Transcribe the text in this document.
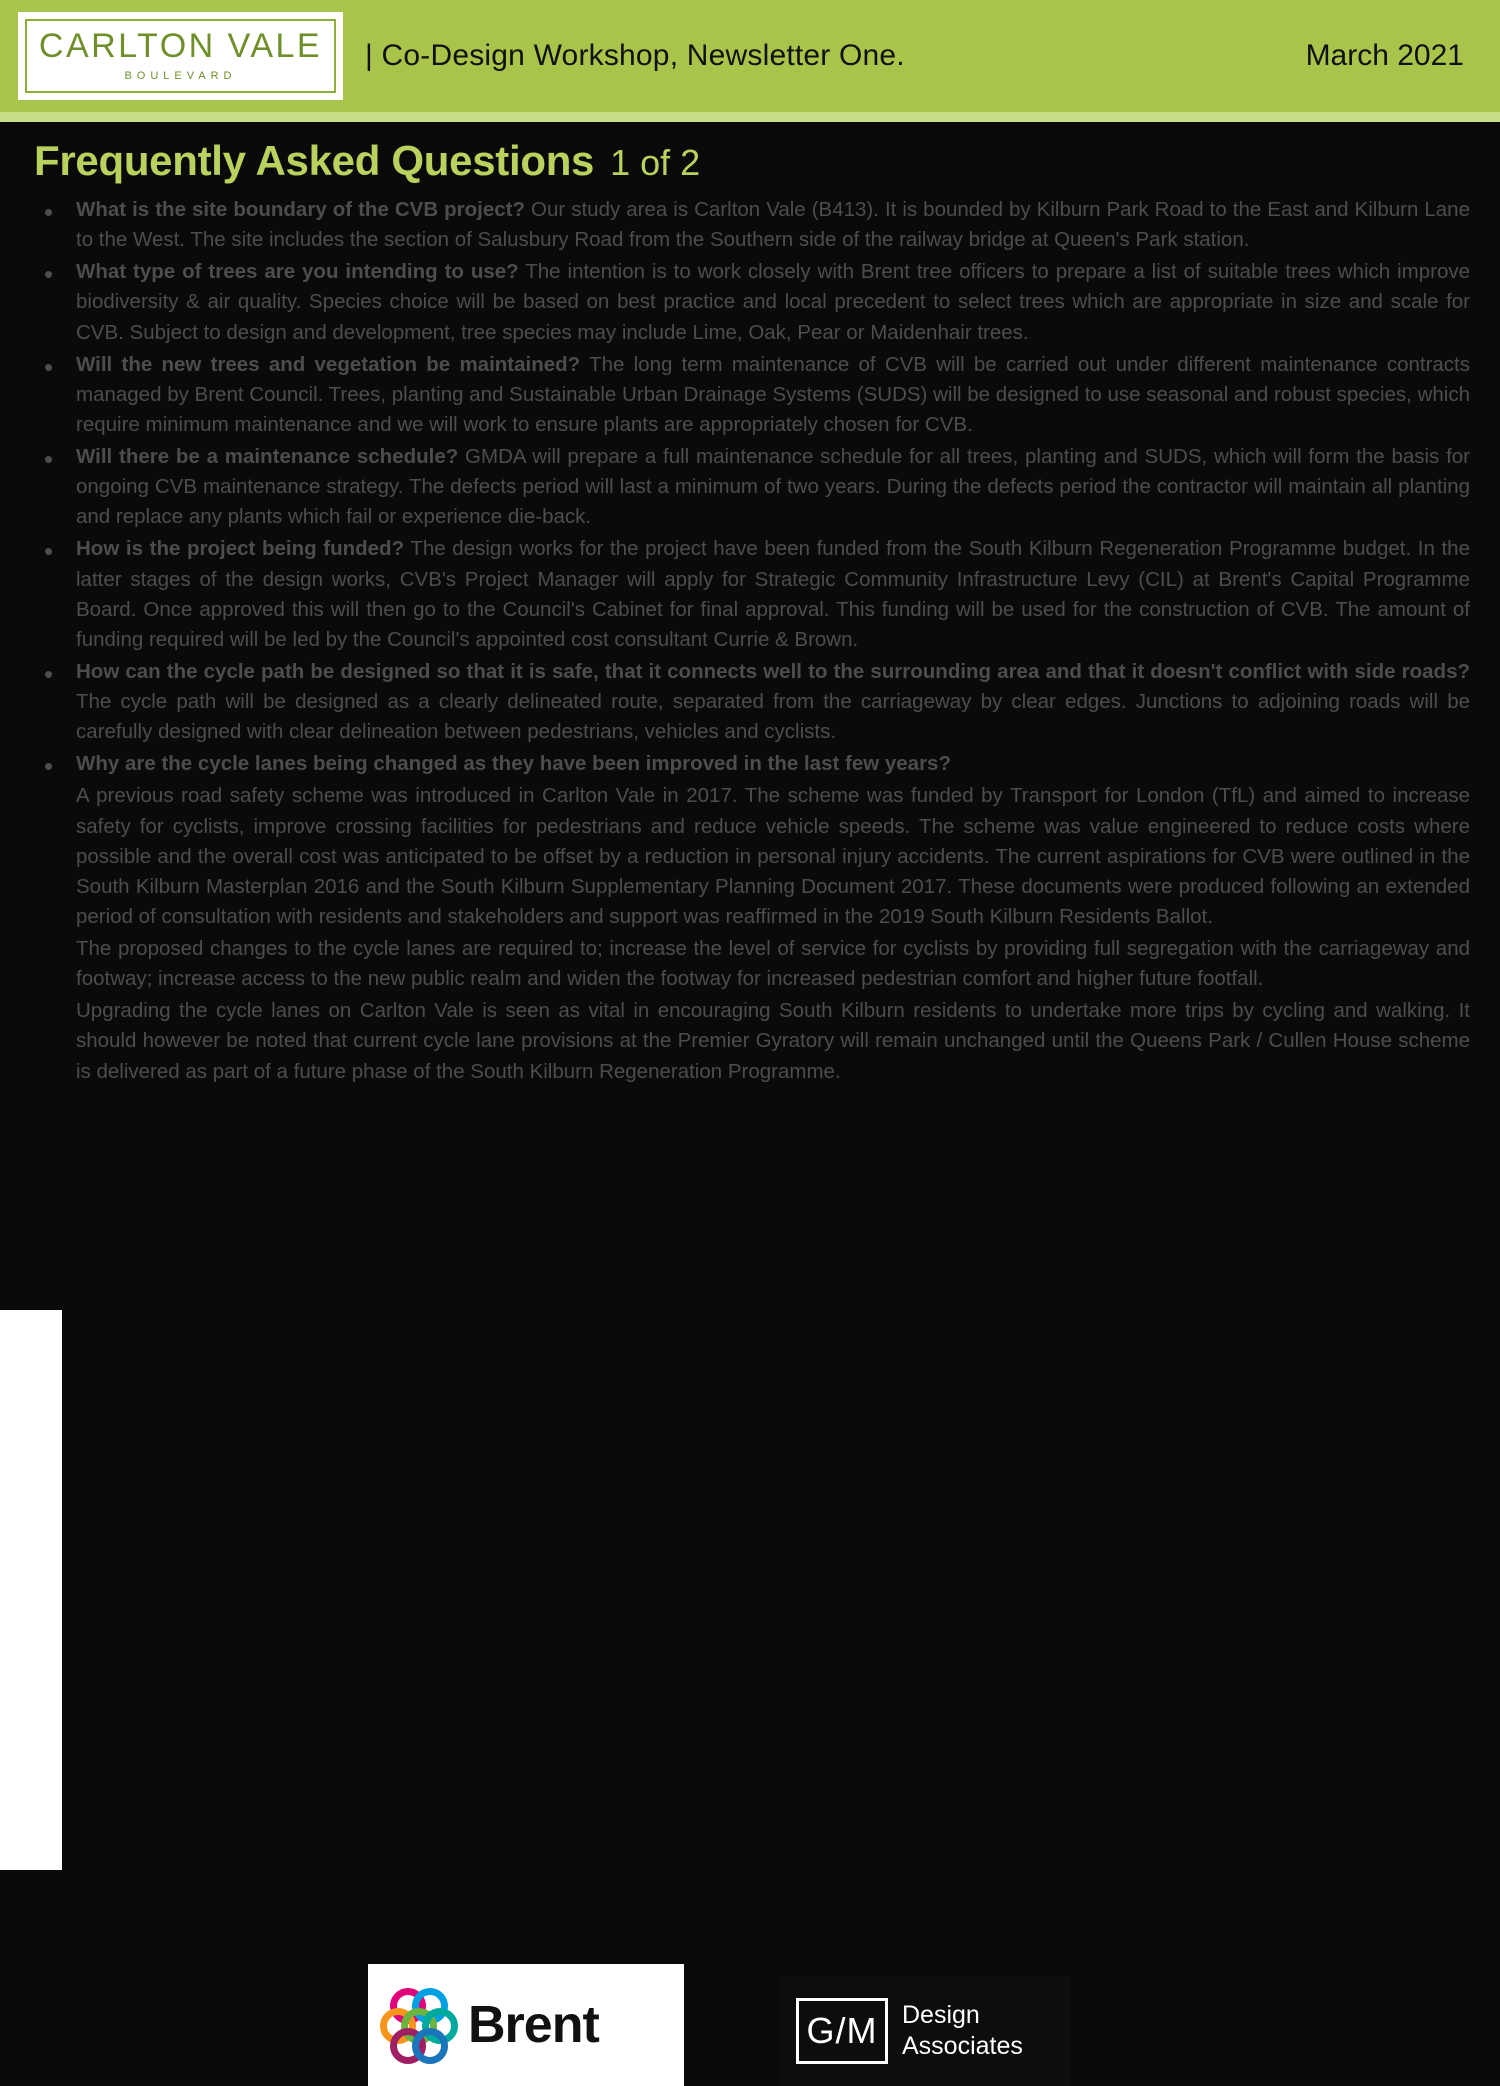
CARLTON VALE
BOULEVARD
| Co-Design Workshop, Newsletter One.	March 2021
Frequently Asked Questions 1 of 2
• What is the site boundary of the CVB project? Our study area is Carlton Vale (B413). It is bounded by Kilburn Park Road to the East and Kilburn Lane to the West. The site includes the section of Salusbury Road from the Southern side of the railway bridge at Queen's Park station.
• What type of trees are you intending to use? The intention is to work closely with Brent tree officers to prepare a list of suitable trees which improve biodiversity & air quality. Species choice will be based on best practice and local precedent to select trees which are appropriate in size and scale for CVB. Subject to design and development, tree species may include Lime, Oak, Pear or Maidenhair trees.
• Will the new trees and vegetation be maintained? The long term maintenance of CVB will be carried out under different maintenance contracts managed by Brent Council. Trees, planting and Sustainable Urban Drainage Systems (SUDS) will be designed to use seasonal and robust species, which require minimum maintenance and we will work to ensure plants are appropriately chosen for CVB.
• Will there be a maintenance schedule? GMDA will prepare a full maintenance schedule for all trees, planting and SUDS, which will form the basis for ongoing CVB maintenance strategy. The defects period will last a minimum of two years. During the defects period the contractor will maintain all planting and replace any plants which fail or experience die-back.
• How is the project being funded? The design works for the project have been funded from the South Kilburn Regeneration Programme budget. In the latter stages of the design works, CVB's Project Manager will apply for Strategic Community Infrastructure Levy (CIL) at Brent's Capital Programme Board. Once approved this will then go to the Council's Cabinet for final approval. This funding will be used for the construction of CVB. The amount of funding required will be led by the Council's appointed cost consultant Currie & Brown.
• How can the cycle path be designed so that it is safe, that it connects well to the surrounding area and that it doesn't conflict with side roads? The cycle path will be designed as a clearly delineated route, separated from the carriageway by clear edges. Junctions to adjoining roads will be carefully designed with clear delineation between pedestrians, vehicles and cyclists.
• Why are the cycle lanes being changed as they have been improved in the last few years?
A previous road safety scheme was introduced in Carlton Vale in 2017. The scheme was funded by Transport for London (TfL) and aimed to increase safety for cyclists, improve crossing facilities for pedestrians and reduce vehicle speeds. The scheme was value engineered to reduce costs where possible and the overall cost was anticipated to be offset by a reduction in personal injury accidents. The current aspirations for CVB were outlined in the South Kilburn Masterplan 2016 and the South Kilburn Supplementary Planning Document 2017. These documents were produced following an extended period of consultation with residents and stakeholders and support was reaffirmed in the 2019 South Kilburn Residents Ballot.
The proposed changes to the cycle lanes are required to; increase the level of service for cyclists by providing full segregation with the carriageway and footway; increase access to the new public realm and widen the footway for increased pedestrian comfort and higher future footfall.
Upgrading the cycle lanes on Carlton Vale is seen as vital in encouraging South Kilburn residents to undertake more trips by cycling and walking. It should however be noted that current cycle lane provisions at the Premier Gyratory will remain unchanged until the Queens Park / Cullen House scheme is delivered as part of a future phase of the South Kilburn Regeneration Programme.
Brent	G/M Design
Associates
